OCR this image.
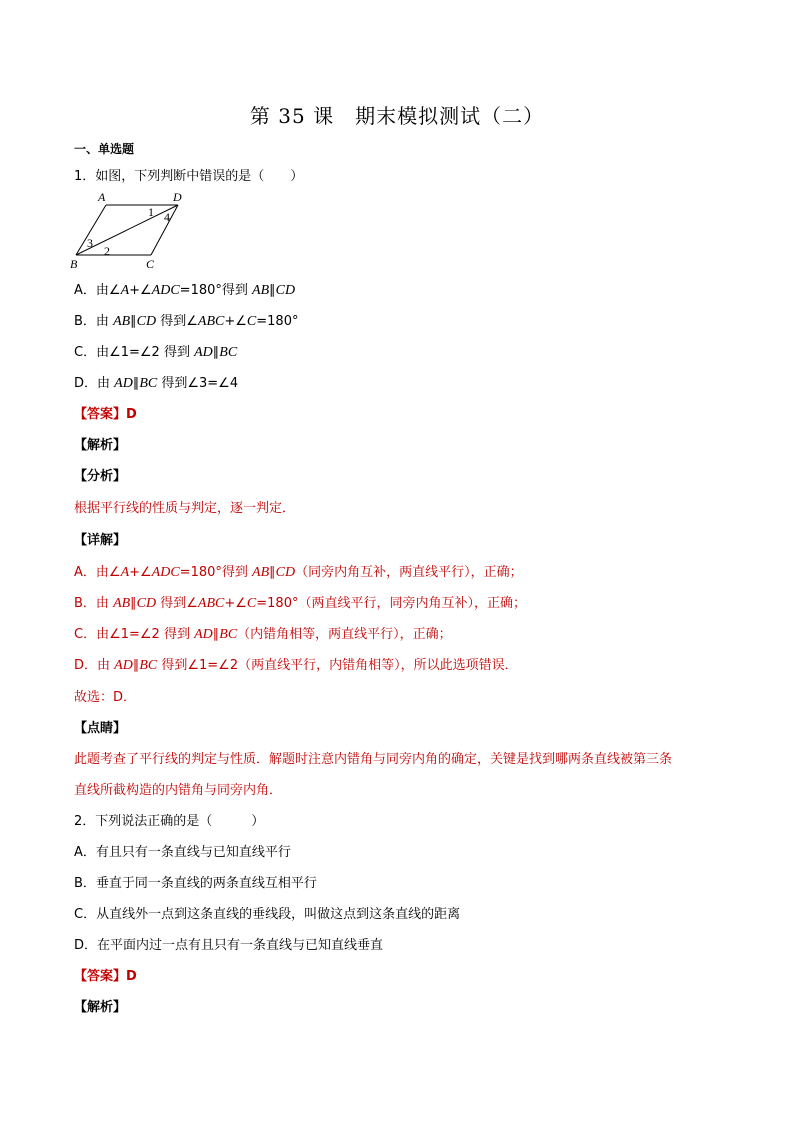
第 35 课　期末模拟测试（二）
一、单选题
1．如图，下列判断中错误的是（　　）
A	D
B	C
1
2
3
4
A．由∠A+∠ADC=180°得到 AB∥CD
B．由 AB∥CD 得到∠ABC+∠C=180°
C．由∠1=∠2 得到 AD∥BC
D．由 AD∥BC 得到∠3=∠4
【答案】D
【解析】
【分析】
根据平行线的性质与判定，逐一判定．
【详解】
A．由∠A+∠ADC=180°得到 AB∥CD（同旁内角互补，两直线平行），正确；
B．由 AB∥CD 得到∠ABC+∠C=180°（两直线平行，同旁内角互补），正确；
C．由∠1=∠2 得到 AD∥BC（内错角相等，两直线平行），正确；
D．由 AD∥BC 得到∠1=∠2（两直线平行，内错角相等），所以此选项错误．
故选：D．
【点睛】
此题考查了平行线的判定与性质．解题时注意内错角与同旁内角的确定，关键是找到哪两条直线被第三条
直线所截构造的内错角与同旁内角．
2．下列说法正确的是（　　　）
A．有且只有一条直线与已知直线平行
B．垂直于同一条直线的两条直线互相平行
C．从直线外一点到这条直线的垂线段，叫做这点到这条直线的距离
D．在平面内过一点有且只有一条直线与已知直线垂直
【答案】D
【解析】
